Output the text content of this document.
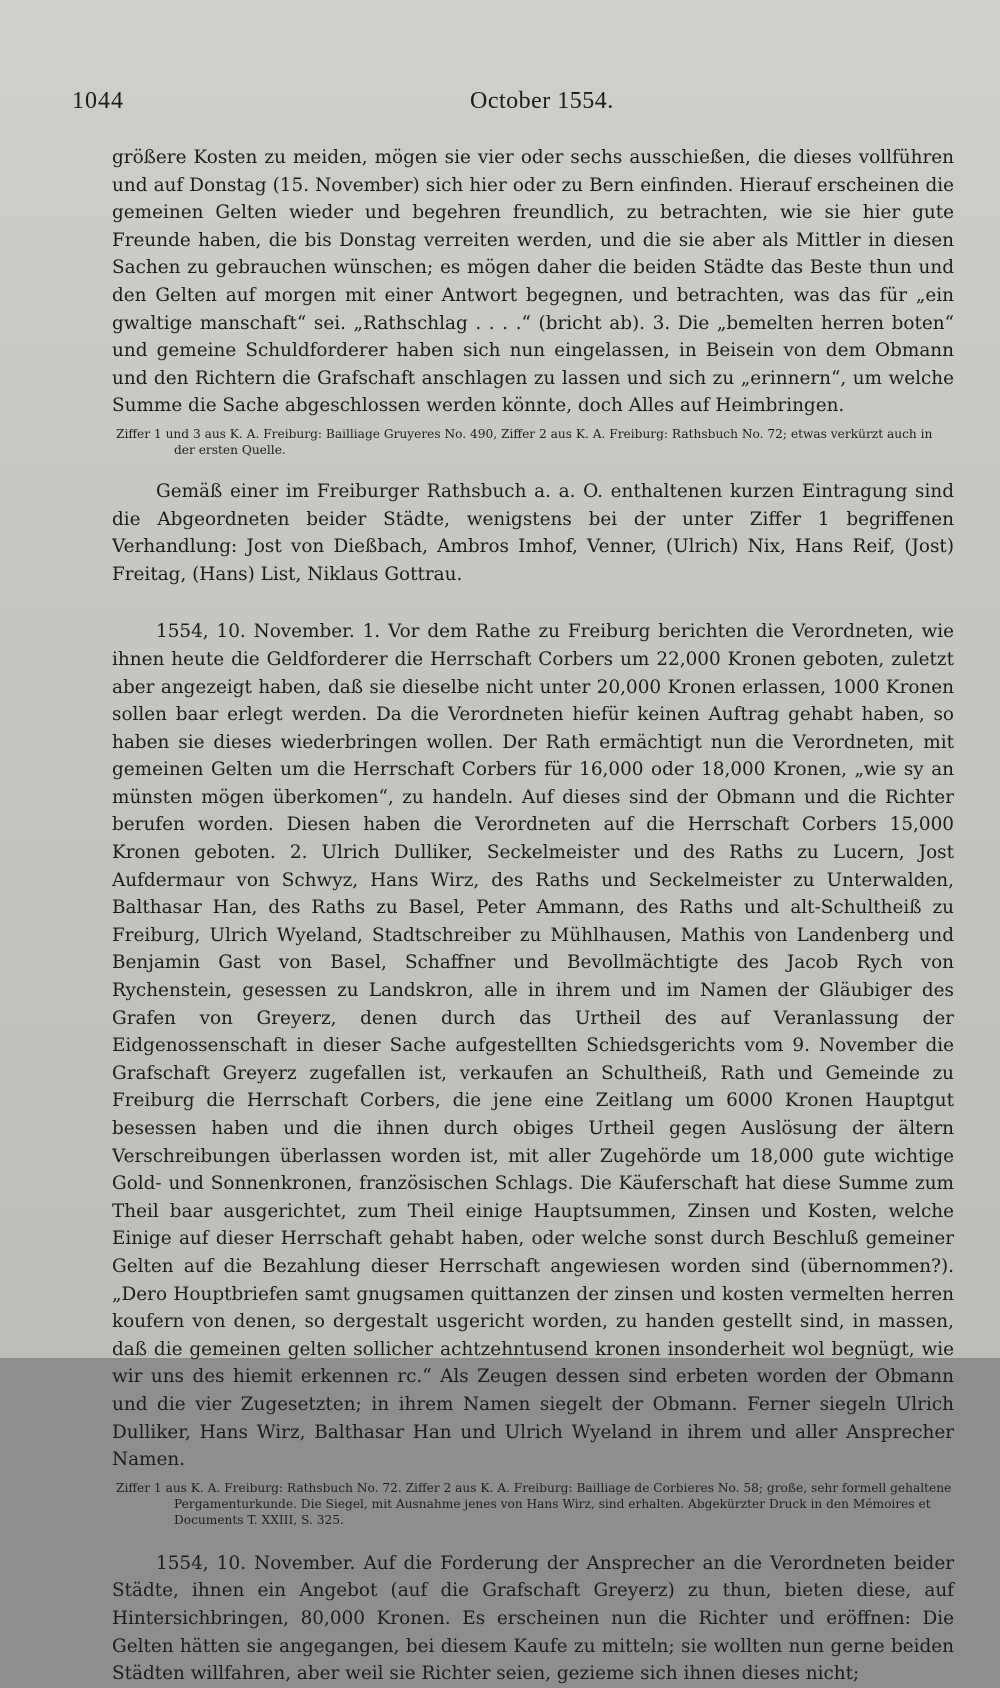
1044	October 1554.

größere Kosten zu meiden, mögen sie vier oder sechs ausschießen, die dieses vollführen und auf Donstag (15. November) sich hier oder zu Bern einfinden. Hierauf erscheinen die gemeinen Gelten wieder und begehren freundlich, zu betrachten, wie sie hier gute Freunde haben, die bis Donstag verreiten werden, und die sie aber als Mittler in diesen Sachen zu gebrauchen wünschen; es mögen daher die beiden Städte das Beste thun und den Gelten auf morgen mit einer Antwort begegnen, und betrachten, was das für „ein gwaltige manschaft“ sei. „Rathschlag . . . .“ (bricht ab). 3. Die „bemelten herren boten“ und gemeine Schuldforderer haben sich nun eingelassen, in Beisein von dem Obmann und den Richtern die Grafschaft anschlagen zu lassen und sich zu „erinnern“, um welche Summe die Sache abgeschlossen werden könnte, doch Alles auf Heimbringen.

Ziffer 1 und 3 aus K. A. Freiburg: Bailliage Gruyeres No. 490, Ziffer 2 aus K. A. Freiburg: Rathsbuch No. 72; etwas verkürzt auch in der ersten Quelle.

Gemäß einer im Freiburger Rathsbuch a. a. O. enthaltenen kurzen Eintragung sind die Abgeordneten beider Städte, wenigstens bei der unter Ziffer 1 begriffenen Verhandlung: Jost von Dießbach, Ambros Imhof, Venner, (Ulrich) Nix, Hans Reif, (Jost) Freitag, (Hans) List, Niklaus Gottrau.

1554, 10. November. 1. Vor dem Rathe zu Freiburg berichten die Verordneten, wie ihnen heute die Geldforderer die Herrschaft Corbers um 22,000 Kronen geboten, zuletzt aber angezeigt haben, daß sie dieselbe nicht unter 20,000 Kronen erlassen, 1000 Kronen sollen baar erlegt werden. Da die Verordneten hiefür keinen Auftrag gehabt haben, so haben sie dieses wiederbringen wollen. Der Rath ermächtigt nun die Verordneten, mit gemeinen Gelten um die Herrschaft Corbers für 16,000 oder 18,000 Kronen, „wie sy an münsten mögen überkomen“, zu handeln. Auf dieses sind der Obmann und die Richter berufen worden. Diesen haben die Verordneten auf die Herrschaft Corbers 15,000 Kronen geboten. 2. Ulrich Dulliker, Seckelmeister und des Raths zu Lucern, Jost Aufdermaur von Schwyz, Hans Wirz, des Raths und Seckelmeister zu Unterwalden, Balthasar Han, des Raths zu Basel, Peter Ammann, des Raths und alt-Schultheiß zu Freiburg, Ulrich Wyeland, Stadtschreiber zu Mühlhausen, Mathis von Landenberg und Benjamin Gast von Basel, Schaffner und Bevollmächtigte des Jacob Rych von Rychenstein, gesessen zu Landskron, alle in ihrem und im Namen der Gläubiger des Grafen von Greyerz, denen durch das Urtheil des auf Veranlassung der Eidgenossenschaft in dieser Sache aufgestellten Schiedsgerichts vom 9. November die Grafschaft Greyerz zugefallen ist, verkaufen an Schultheiß, Rath und Gemeinde zu Freiburg die Herrschaft Corbers, die jene eine Zeitlang um 6000 Kronen Hauptgut besessen haben und die ihnen durch obiges Urtheil gegen Auslösung der ältern Verschreibungen überlassen worden ist, mit aller Zugehörde um 18,000 gute wichtige Gold- und Sonnenkronen, französischen Schlags. Die Käuferschaft hat diese Summe zum Theil baar ausgerichtet, zum Theil einige Hauptsummen, Zinsen und Kosten, welche Einige auf dieser Herrschaft gehabt haben, oder welche sonst durch Beschluß gemeiner Gelten auf die Bezahlung dieser Herrschaft angewiesen worden sind (übernommen?). „Dero Houptbriefen samt gnugsamen quittanzen der zinsen und kosten vermelten herren koufern von denen, so dergestalt usgericht worden, zu handen gestellt sind, in massen, daß die gemeinen gelten sollicher achtzehntusend kronen insonderheit wol begnügt, wie wir uns des hiemit erkennen rc.“ Als Zeugen dessen sind erbeten worden der Obmann und die vier Zugesetzten; in ihrem Namen siegelt der Obmann. Ferner siegeln Ulrich Dulliker, Hans Wirz, Balthasar Han und Ulrich Wyeland in ihrem und aller Ansprecher Namen.

Ziffer 1 aus K. A. Freiburg: Rathsbuch No. 72. Ziffer 2 aus K. A. Freiburg: Bailliage de Corbieres No. 58; große, sehr formell gehaltene Pergamenturkunde. Die Siegel, mit Ausnahme jenes von Hans Wirz, sind erhalten. Abgekürzter Druck in den Mémoires et Documents T. XXIII, S. 325.

1554, 10. November. Auf die Forderung der Ansprecher an die Verordneten beider Städte, ihnen ein Angebot (auf die Grafschaft Greyerz) zu thun, bieten diese, auf Hintersichbringen, 80,000 Kronen. Es erscheinen nun die Richter und eröffnen: Die Gelten hätten sie angegangen, bei diesem Kaufe zu mitteln; sie wollten nun gerne beiden Städten willfahren, aber weil sie Richter seien, gezieme sich ihnen dieses nicht;
